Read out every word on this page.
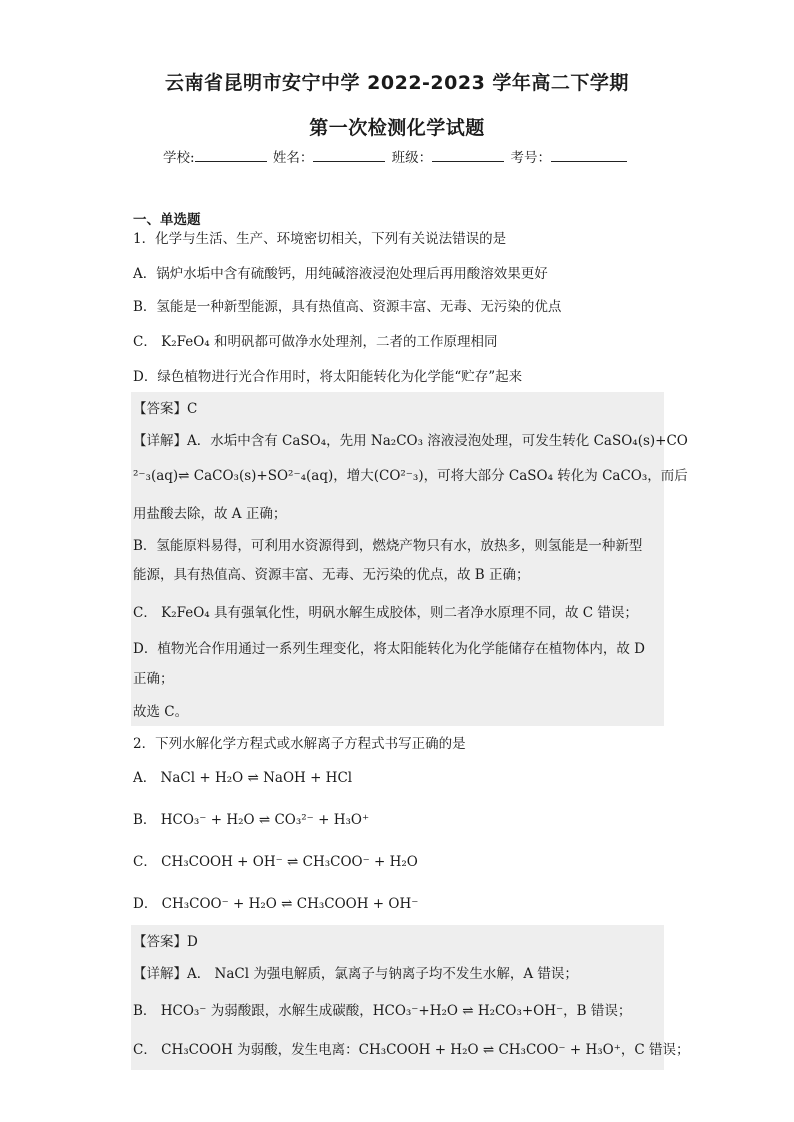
云南省昆明市安宁中学 2022-2023 学年高二下学期
第一次检测化学试题
学校:	姓名：	班级：	考号：
一、单选题
1．化学与生活、生产、环境密切相关，下列有关说法错误的是
A．锅炉水垢中含有硫酸钙，用纯碱溶液浸泡处理后再用酸溶效果更好
B．氢能是一种新型能源，具有热值高、资源丰富、无毒、无污染的优点
C． K₂FeO₄ 和明矾都可做净水处理剂，二者的工作原理相同
D．绿色植物进行光合作用时，将太阳能转化为化学能“贮存”起来
【答案】C
【详解】A．水垢中含有 CaSO₄，先用 Na₂CO₃ 溶液浸泡处理，可发生转化 CaSO₄(s)+CO
²⁻₃(aq)⇌ CaCO₃(s)+SO²⁻₄(aq)，增大(CO²⁻₃)，可将大部分 CaSO₄ 转化为 CaCO₃，而后
用盐酸去除，故 A 正确；
B．氢能原料易得，可利用水资源得到，燃烧产物只有水，放热多，则氢能是一种新型
能源，具有热值高、资源丰富、无毒、无污染的优点，故 B 正确；
C． K₂FeO₄ 具有强氧化性，明矾水解生成胶体，则二者净水原理不同，故 C 错误；
D．植物光合作用通过一系列生理变化，将太阳能转化为化学能储存在植物体内，故 D
正确；
故选 C。
2．下列水解化学方程式或水解离子方程式书写正确的是
A． NaCl + H₂O ⇌ NaOH + HCl
B． HCO₃⁻ + H₂O ⇌ CO₃²⁻ + H₃O⁺
C． CH₃COOH + OH⁻ ⇌ CH₃COO⁻ + H₂O
D． CH₃COO⁻ + H₂O ⇌ CH₃COOH + OH⁻
【答案】D
【详解】A． NaCl 为强电解质，氯离子与钠离子均不发生水解，A 错误；
B． HCO₃⁻ 为弱酸跟，水解生成碳酸，HCO₃⁻+H₂O ⇌ H₂CO₃+OH⁻，B 错误；
C． CH₃COOH 为弱酸，发生电离：CH₃COOH + H₂O ⇌ CH₃COO⁻ + H₃O⁺，C 错误；
